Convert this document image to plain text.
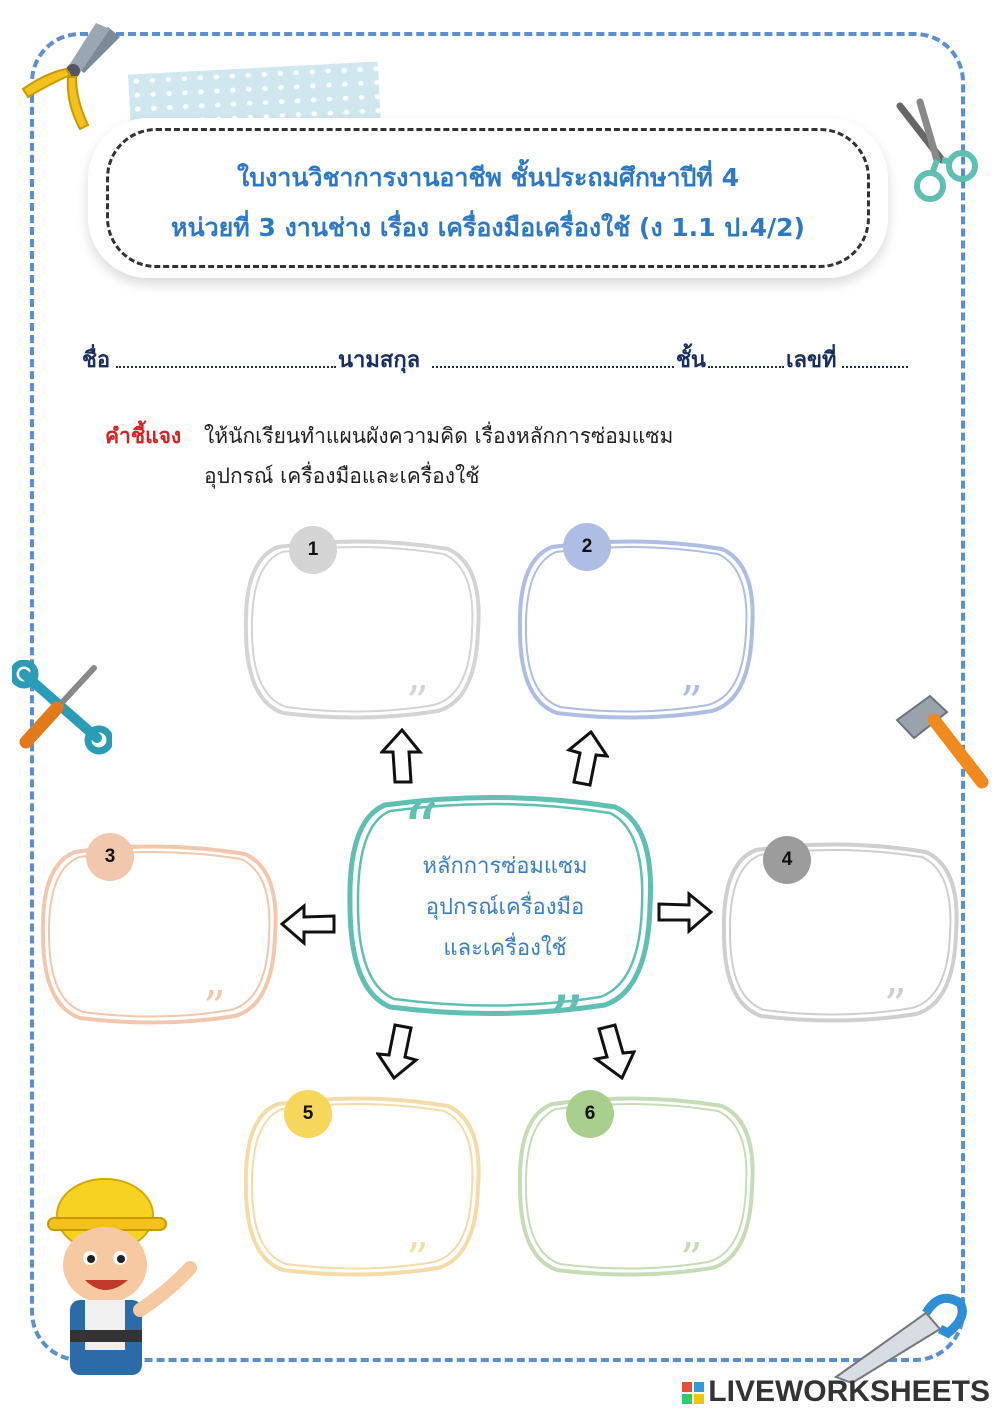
ใบงานวิชาการงานอาชีพ ชั้นประถมศึกษาปีที่ 4
หน่วยที่ 3 งานช่าง เรื่อง เครื่องมือเครื่องใช้ (ง 1.1 ป.4/2)
ชื่อ	นามสกุล	ชั้น	เลขที่
คำชี้แจง ให้นักเรียนทำแผนผังความคิด เรื่องหลักการซ่อมแซม
อุปกรณ์ เครื่องมือและเครื่องใช้
”
1
”
2
”
3
”
4
”
5
”
6
“
”
หลักการซ่อมแซม
อุปกรณ์เครื่องมือ
และเครื่องใช้
LIVEWORKSHEETS
